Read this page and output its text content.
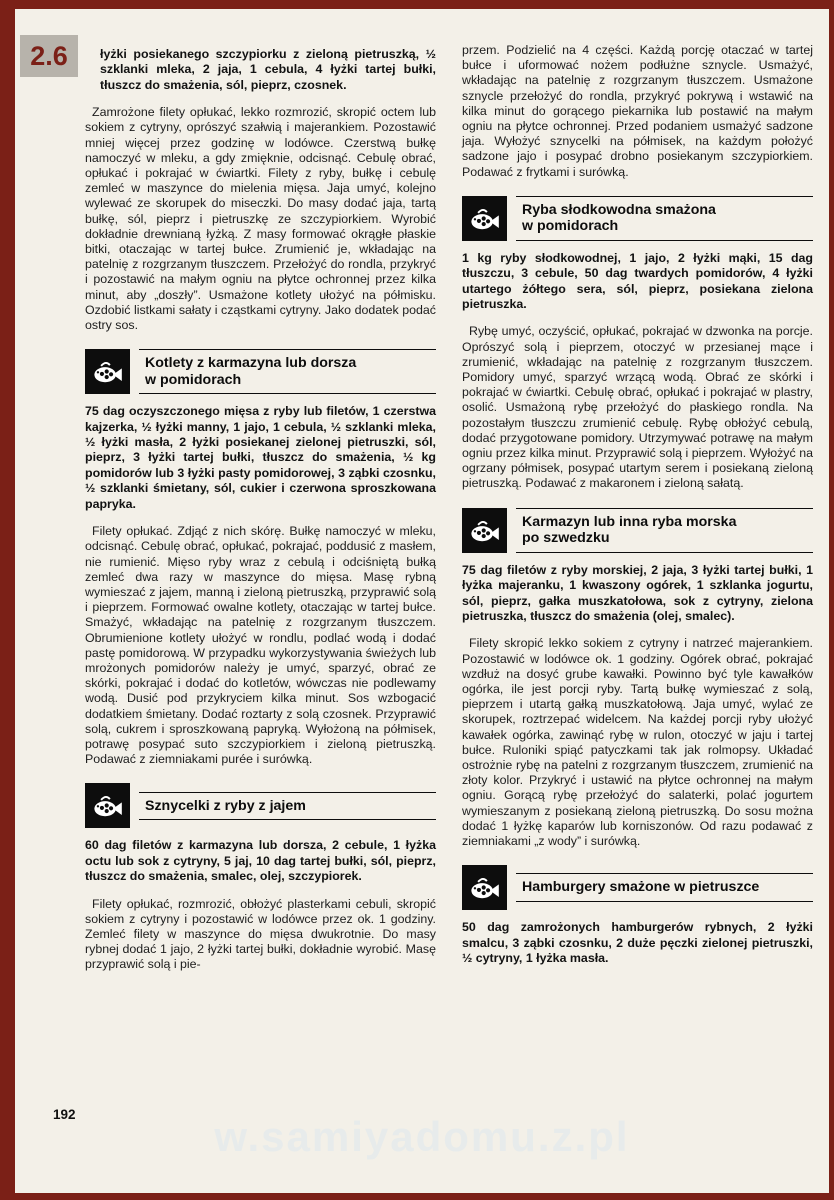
2.6	łyżki posiekanego szczypiorku z zieloną pietruszką, ½ szklanki mleka, 2 jaja, 1 cebula, 4 łyżki tartej bułki, tłuszcz do smażenia, sól, pieprz, czosnek.
Zamrożone filety opłukać, lekko rozmrozić, skropić octem lub sokiem z cytryny, oprószyć szałwią i majerankiem. Pozostawić mniej więcej przez godzinę w lodówce. Czerstwą bułkę namoczyć w mleku, a gdy zmięknie, odcisnąć. Cebulę obrać, opłukać i pokrajać w ćwiartki. Filety z ryby, bułkę i cebulę zemleć w maszynce do mielenia mięsa. Jaja umyć, kolejno wylewać ze skorupek do miseczki. Do masy dodać jaja, tartą bułkę, sól, pieprz i pietruszkę ze szczypiorkiem. Wyrobić dokładnie drewnianą łyżką. Z masy formować okrągłe płaskie bitki, otaczając w tartej bułce. Zrumienić je, wkładając na patelnię z rozgrzanym tłuszczem. Przełożyć do rondla, przykryć i pozostawić na małym ogniu na płytce ochronnej przez kilka minut, aby „doszły”. Usmażone kotlety ułożyć na półmisku. Ozdobić listkami sałaty i cząstkami cytryny. Jako dodatek podać ostry sos.
Kotlety z karmazyna lub dorsza
w pomidorach
75 dag oczyszczonego mięsa z ryby lub filetów, 1 czerstwa kajzerka, ½ łyżki manny, 1 jajo, 1 cebula, ½ szklanki mleka, ½ łyżki masła, 2 łyżki posiekanej zielonej pietruszki, sól, pieprz, 3 łyżki tartej bułki, tłuszcz do smażenia, ½ kg pomidorów lub 3 łyżki pasty pomidorowej, 3 ząbki czosnku, ½ szklanki śmietany, sól, cukier i czerwona sproszkowana papryka.
Filety opłukać. Zdjąć z nich skórę. Bułkę namoczyć w mleku, odcisnąć. Cebulę obrać, opłukać, pokrajać, poddusić z masłem, nie rumienić. Mięso ryby wraz z cebulą i odciśniętą bułką zemleć dwa razy w maszynce do mięsa. Masę rybną wymieszać z jajem, manną i zieloną pietruszką, przyprawić solą i pieprzem. Formować owalne kotlety, otaczając w tartej bułce. Smażyć, wkładając na patelnię z rozgrzanym tłuszczem. Obrumienione kotlety ułożyć w rondlu, podlać wodą i dodać pastę pomidorową. W przypadku wykorzystywania świeżych lub mrożonych pomidorów należy je umyć, sparzyć, obrać ze skórki, pokrajać i dodać do kotletów, wówczas nie podlewamy wodą. Dusić pod przykryciem kilka minut. Sos wzbogacić dodatkiem śmietany. Dodać roztarty z solą czosnek. Przyprawić solą, cukrem i sproszkowaną papryką. Wyłożoną na półmisek, potrawę posypać suto szczypiorkiem i zieloną pietruszką. Podawać z ziemniakami purée i surówką.
Sznycelki z ryby z jajem
60 dag filetów z karmazyna lub dorsza, 2 cebule, 1 łyżka octu lub sok z cytryny, 5 jaj, 10 dag tartej bułki, sól, pieprz, tłuszcz do smażenia, smalec, olej, szczypiorek.
Filety opłukać, rozmrozić, obłożyć plasterkami cebuli, skropić sokiem z cytryny i pozostawić w lodówce przez ok. 1 godziny. Zemleć filety w maszynce do mięsa dwukrotnie. Do masy rybnej dodać 1 jajo, 2 łyżki tartej bułki, dokładnie wyrobić. Masę przyprawić solą i pie-
przem. Podzielić na 4 części. Każdą porcję otaczać w tartej bułce i uformować nożem podłużne sznycle. Usmażyć, wkładając na patelnię z rozgrzanym tłuszczem. Usmażone sznycle przełożyć do rondla, przykryć pokrywą i wstawić na kilka minut do gorącego piekarnika lub postawić na małym ogniu na płytce ochronnej. Przed podaniem usmażyć sadzone jaja. Wyłożyć sznycelki na półmisek, na każdym położyć sadzone jajo i posypać drobno posiekanym szczypiorkiem. Podawać z frytkami i surówką.
Ryba słodkowodna smażona
w pomidorach
1 kg ryby słodkowodnej, 1 jajo, 2 łyżki mąki, 15 dag tłuszczu, 3 cebule, 50 dag twardych pomidorów, 4 łyżki utartego żółtego sera, sól, pieprz, posiekana zielona pietruszka.
Rybę umyć, oczyścić, opłukać, pokrajać w dzwonka na porcje. Oprószyć solą i pieprzem, otoczyć w przesianej mące i zrumienić, wkładając na patelnię z rozgrzanym tłuszczem. Pomidory umyć, sparzyć wrzącą wodą. Obrać ze skórki i pokrajać w ćwiartki. Cebulę obrać, opłukać i pokrajać w plastry, osolić. Usmażoną rybę przełożyć do płaskiego rondla. Na pozostałym tłuszczu zrumienić cebulę. Rybę obłożyć cebulą, dodać przygotowane pomidory. Utrzymywać potrawę na małym ogniu przez kilka minut. Przyprawić solą i pieprzem. Wyłożyć na ogrzany półmisek, posypać utartym serem i posiekaną zieloną pietruszką. Podawać z makaronem i zieloną sałatą.
Karmazyn lub inna ryba morska
po szwedzku
75 dag filetów z ryby morskiej, 2 jaja, 3 łyżki tartej bułki, 1 łyżka majeranku, 1 kwaszony ogórek, 1 szklanka jogurtu, sól, pieprz, gałka muszkatołowa, sok z cytryny, zielona pietruszka, tłuszcz do smażenia (olej, smalec).
Filety skropić lekko sokiem z cytryny i natrzeć majerankiem. Pozostawić w lodówce ok. 1 godziny. Ogórek obrać, pokrajać wzdłuż na dosyć grube kawałki. Powinno być tyle kawałków ogórka, ile jest porcji ryby. Tartą bułkę wymieszać z solą, pieprzem i utartą gałką muszkatołową. Jaja umyć, wylać ze skorupek, roztrzepać widelcem. Na każdej porcji ryby ułożyć kawałek ogórka, zawinąć rybę w rulon, otoczyć w jaju i tartej bułce. Ruloniki spiąć patyczkami tak jak rolmopsy. Układać ostrożnie rybę na patelni z rozgrzanym tłuszczem, zrumienić na złoty kolor. Przykryć i ustawić na płytce ochronnej na małym ogniu. Gorącą rybę przełożyć do salaterki, polać jogurtem wymieszanym z posiekaną zieloną pietruszką. Do sosu można dodać 1 łyżkę kaparów lub korniszonów. Od razu podawać z ziemniakami „z wody” i surówką.
Hamburgery smażone w pietruszce
50 dag zamrożonych hamburgerów rybnych, 2 łyżki smalcu, 3 ząbki czosnku, 2 duże pęczki zielonej pietruszki, ½ cytryny, 1 łyżka masła.
192	w.samiyadomu.z.pl
